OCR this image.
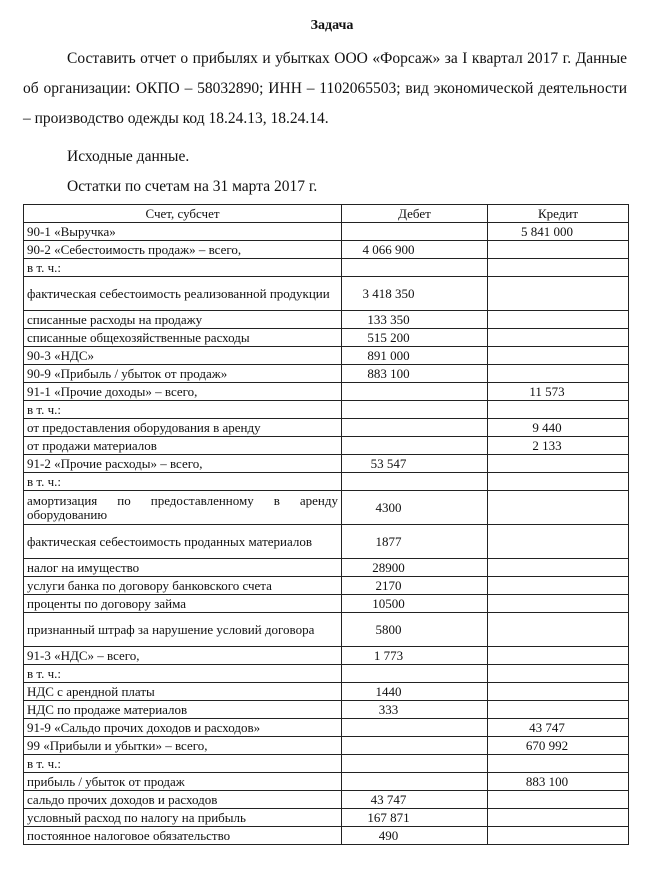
Задача
Составить отчет о прибылях и убытках ООО «Форсаж» за I квартал 2017 г. Данные об организации: ОКПО – 58032890; ИНН – 1102065503; вид экономической деятельности – производство одежды код 18.24.13, 18.24.14.
Исходные данные.
Остатки по счетам на 31 марта 2017 г.
Счет, субсчет	Дебет	Кредит
90-1 «Выручка»		5 841 000
90-2 «Себестоимость продаж» – всего,	4 066 900	
в т. ч.:		
фактическая себестоимость реализованной продукции	3 418 350	
списанные расходы на продажу	133 350	
списанные общехозяйственные расходы	515 200	
90-3 «НДС»	891 000	
90-9 «Прибыль / убыток от продаж»	883 100	
91-1 «Прочие доходы» – всего,		11 573
в т. ч.:		
от предоставления оборудования в аренду		9 440
от продажи материалов		2 133
91-2 «Прочие расходы» – всего,	53 547	
в т. ч.:		
амортизация по предоставленному в аренду оборудованию	4300	
фактическая себестоимость проданных материалов	1877	
налог на имущество	28900	
услуги банка по договору банковского счета	2170	
проценты по договору займа	10500	
признанный штраф за нарушение условий договора	5800	
91-3 «НДС» – всего,	1 773	
в т. ч.:		
НДС с арендной платы	1440	
НДС по продаже материалов	333	
91-9 «Сальдо прочих доходов и расходов»		43 747
99 «Прибыли и убытки» – всего,		670 992
в т. ч.:		
прибыль / убыток от продаж		883 100
сальдо прочих доходов и расходов	43 747	
условный расход по налогу на прибыль	167 871	
постоянное налоговое обязательство	490	
